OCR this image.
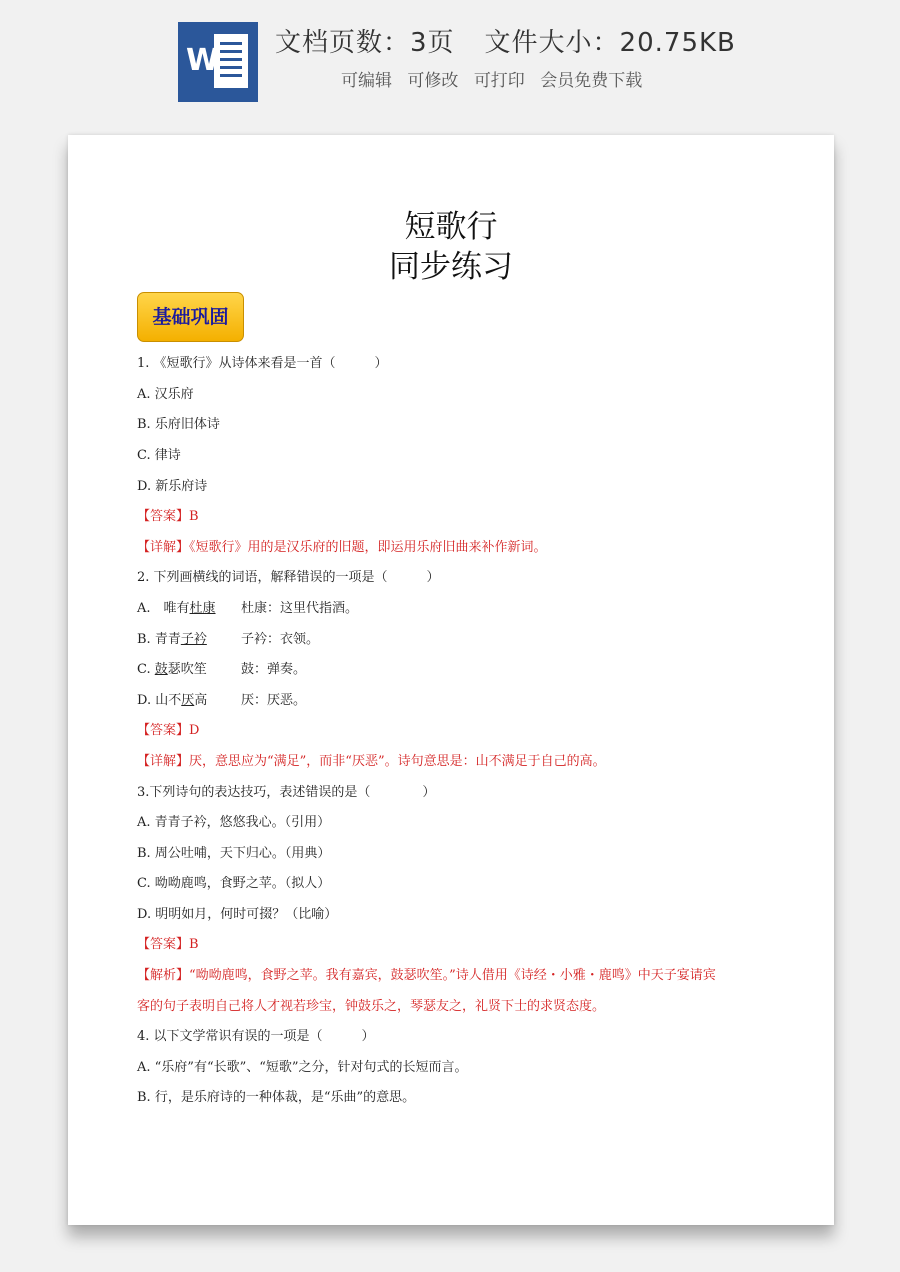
W 文档页数：3页 文件大小：20.75KB
可编辑 可修改 可打印 会员免费下载
短歌行
同步练习
基础巩固
1. 《短歌行》从诗体来看是一首（　　　）
A. 汉乐府
B. 乐府旧体诗
C. 律诗
D. 新乐府诗
【答案】B
【详解】《短歌行》用的是汉乐府的旧题，即运用乐府旧曲来补作新词。
2. 下列画横线的词语，解释错误的一项是（　　　）
A.　唯有杜康 杜康：这里代指酒。
B. 青青子衿	子衿：衣领。
C. 鼓瑟吹笙	鼓：弹奏。
D. 山不厌高	厌：厌恶。
【答案】D
【详解】厌，意思应为“满足”，而非“厌恶”。诗句意思是：山不满足于自己的高。
3.下列诗句的表达技巧，表述错误的是（　　　　）
A. 青青子衿，悠悠我心。（引用）
B. 周公吐哺，天下归心。（用典）
C. 呦呦鹿鸣，食野之苹。（拟人）
D. 明明如月，何时可掇？（比喻）
【答案】B
【解析】“呦呦鹿鸣，食野之苹。我有嘉宾，鼓瑟吹笙。”诗人借用《诗经・小雅・鹿鸣》中天子宴请宾
客的句子表明自己将人才视若珍宝，钟鼓乐之，琴瑟友之，礼贤下士的求贤态度。
4. 以下文学常识有误的一项是（　　　）
A. “乐府”有“长歌”、“短歌”之分，针对句式的长短而言。
B. 行，是乐府诗的一种体裁，是“乐曲”的意思。
